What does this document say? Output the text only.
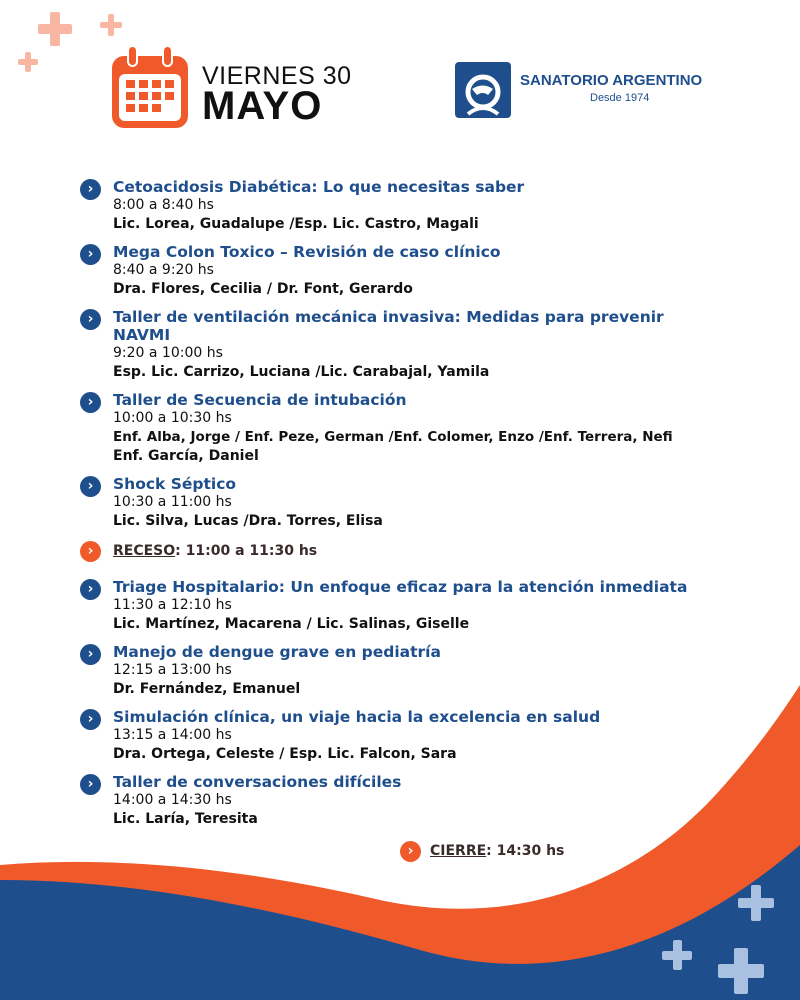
VIERNES 30
MAYO
SANATORIO ARGENTINO
Desde 1974
›	Cetoacidosis Diabética: Lo que necesitas saber
8:00 a 8:40 hs
Lic. Lorea, Guadalupe /Esp. Lic. Castro, Magali
›	Mega Colon Toxico – Revisión de caso clínico
8:40 a 9:20 hs
Dra. Flores, Cecilia / Dr. Font, Gerardo
›	Taller de ventilación mecánica invasiva: Medidas para prevenir NAVMI
9:20 a 10:00 hs
Esp. Lic. Carrizo, Luciana /Lic. Carabajal, Yamila
›	Taller de Secuencia de intubación
10:00 a 10:30 hs
Enf. Alba, Jorge / Enf. Peze, German /Enf. Colomer, Enzo /Enf. Terrera, Nefi
Enf. García, Daniel
›	Shock Séptico
10:30 a 11:00 hs
Lic. Silva, Lucas /Dra. Torres, Elisa
›	RECESO: 11:00 a 11:30 hs
›	Triage Hospitalario: Un enfoque eficaz para la atención inmediata
11:30 a 12:10 hs
Lic. Martínez, Macarena / Lic. Salinas, Giselle
›	Manejo de dengue grave en pediatría
12:15 a 13:00 hs
Dr. Fernández, Emanuel
›	Simulación clínica, un viaje hacia la excelencia en salud
13:15 a 14:00 hs
Dra. Ortega, Celeste / Esp. Lic. Falcon, Sara
›	Taller de conversaciones difíciles
14:00 a 14:30 hs
Lic. Laría, Teresita
›	CIERRE: 14:30 hs
